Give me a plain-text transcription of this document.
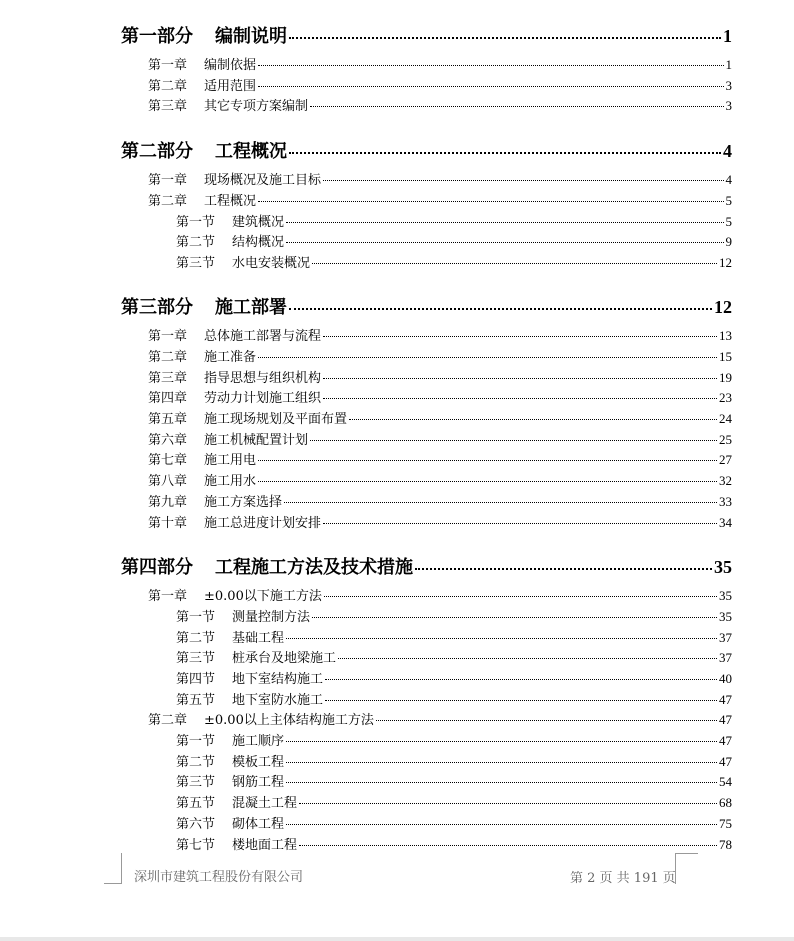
第一部分	编制说明	1
第一章	编制依据	1
第二章	适用范围	3
第三章	其它专项方案编制	3
第二部分	工程概况	4
第一章	现场概况及施工目标	4
第二章	工程概况	5
第一节	建筑概况	5
第二节	结构概况	9
第三节	水电安装概况	12
第三部分	施工部署	12
第一章	总体施工部署与流程	13
第二章	施工准备	15
第三章	指导思想与组织机构	19
第四章	劳动力计划施工组织	23
第五章	施工现场规划及平面布置	24
第六章	施工机械配置计划	25
第七章	施工用电	27
第八章	施工用水	32
第九章	施工方案选择	33
第十章	施工总进度计划安排	34
第四部分	工程施工方法及技术措施	35
第一章	±0.00以下施工方法	35
第一节	测量控制方法	35
第二节	基础工程	37
第三节	桩承台及地梁施工	37
第四节	地下室结构施工	40
第五节	地下室防水施工	47
第二章	±0.00以上主体结构施工方法	47
第一节	施工顺序	47
第二节	模板工程	47
第三节	钢筋工程	54
第五节	混凝土工程	68
第六节	砌体工程	75
第七节	楼地面工程	78
深圳市建筑工程股份有限公司	第 2 页 共 191 页
